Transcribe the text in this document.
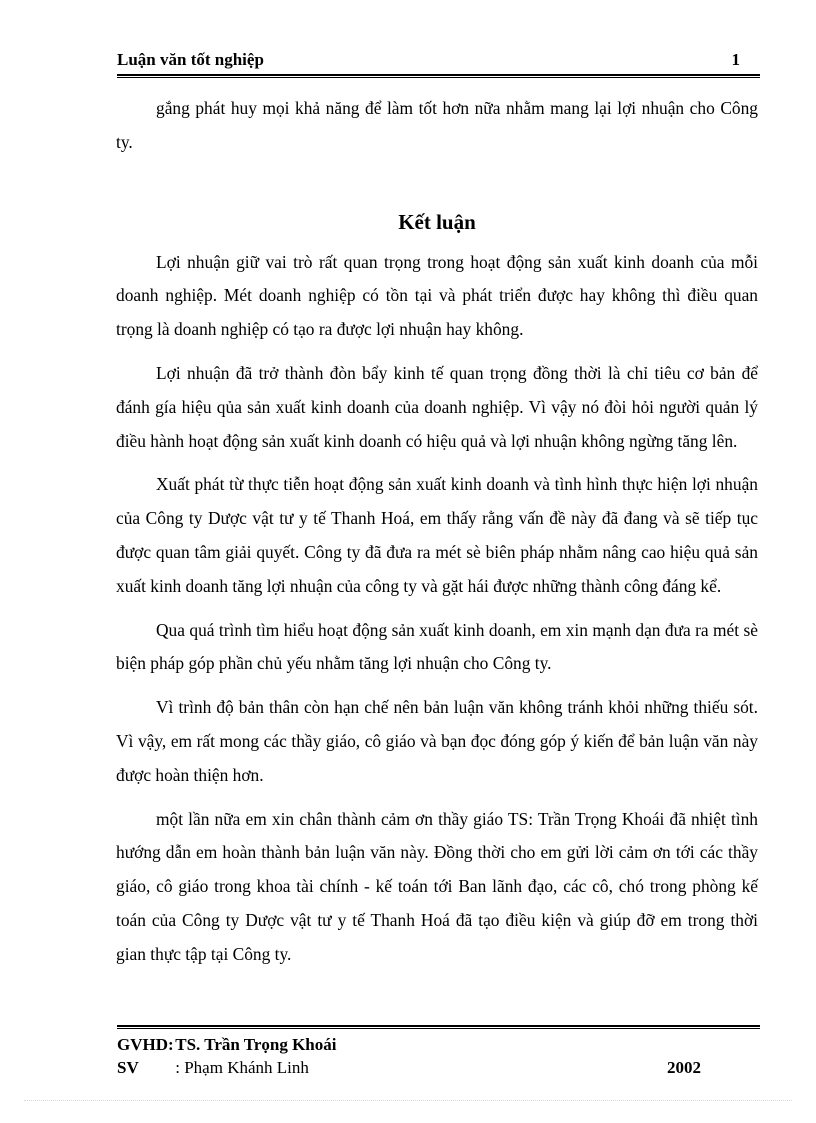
Luận văn tốt nghiệp	1

gắng phát huy mọi khả năng để làm tốt hơn nữa nhằm mang lại lợi nhuận cho Công ty.

Kết luận

Lợi nhuận giữ vai trò rất quan trọng trong hoạt động sản xuất kinh doanh của mỗi doanh nghiệp. Mét doanh nghiệp có tồn tại và phát triển được hay không thì điều quan trọng là doanh nghiệp có tạo ra được lợi nhuận hay không.

Lợi nhuận đã trở thành đòn bẩy kinh tế quan trọng đồng thời là chỉ tiêu cơ bản để đánh gía hiệu qủa sản xuất kinh doanh của doanh nghiệp. Vì vậy nó đòi hỏi người quản lý điều hành hoạt động sản xuất kinh doanh có hiệu quả và lợi nhuận không ngừng tăng lên.

Xuất phát từ thực tiễn hoạt động sản xuất kinh doanh và tình hình thực hiện lợi nhuận của Công ty Dược vật tư y tế Thanh Hoá, em thấy rằng vấn đề này đã đang và sẽ tiếp tục được quan tâm giải quyết. Công ty đã đưa ra mét sè biên pháp nhằm nâng cao hiệu quả sản xuất kinh doanh tăng lợi nhuận của công ty và gặt hái được những thành công đáng kể.

Qua quá trình tìm hiểu hoạt động sản xuất kinh doanh, em xin mạnh dạn đưa ra mét sè biện pháp góp phần chủ yếu nhằm tăng lợi nhuận cho Công ty.

Vì trình độ bản thân còn hạn chế nên bản luận văn không tránh khỏi những thiếu sót. Vì vậy, em rất mong các thầy giáo, cô giáo và bạn đọc đóng góp ý kiến để bản luận văn này được hoàn thiện hơn.

một lần nữa em xin chân thành cảm ơn thầy giáo TS: Trần Trọng Khoái đã nhiệt tình hướng dẫn em hoàn thành bản luận văn này. Đồng thời cho em gửi lời cảm ơn tới các thầy giáo, cô giáo trong khoa tài chính - kế toán tới Ban lãnh đạo, các cô, chó trong phòng kế toán của Công ty Dược vật tư y tế Thanh Hoá đã tạo điều kiện và giúp đỡ em trong thời gian thực tập tại Công ty.

GVHD: TS. Trần Trọng Khoái
SV : Phạm Khánh Linh	2002
